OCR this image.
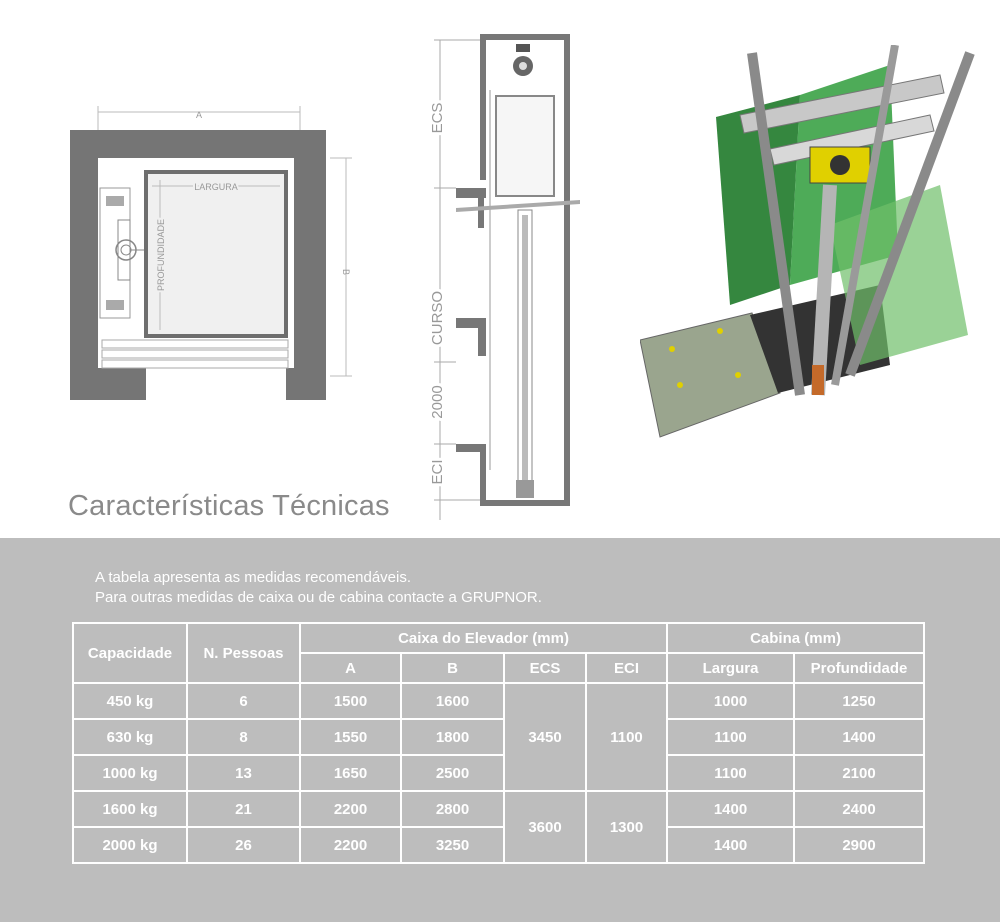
A
B
LARGURA
PROFUNDIDADE
ECS
CURSO
2000
ECI
Características Técnicas
A tabela apresenta as medidas recomendáveis.
Para outras medidas de caixa ou de cabina contacte a GRUPNOR.
Capacidade	N. Pessoas	Caixa do Elevador (mm)				Cabina (mm)	
		A	B	ECS	ECI	Largura	Profundidade
450 kg	6	1500	1600	3450	1100	1000	1250
630 kg	8	1550	1800			1100	1400
1000 kg	13	1650	2500			1100	2100
1600 kg	21	2200	2800	3600	1300	1400	2400
2000 kg	26	2200	3250			1400	2900
